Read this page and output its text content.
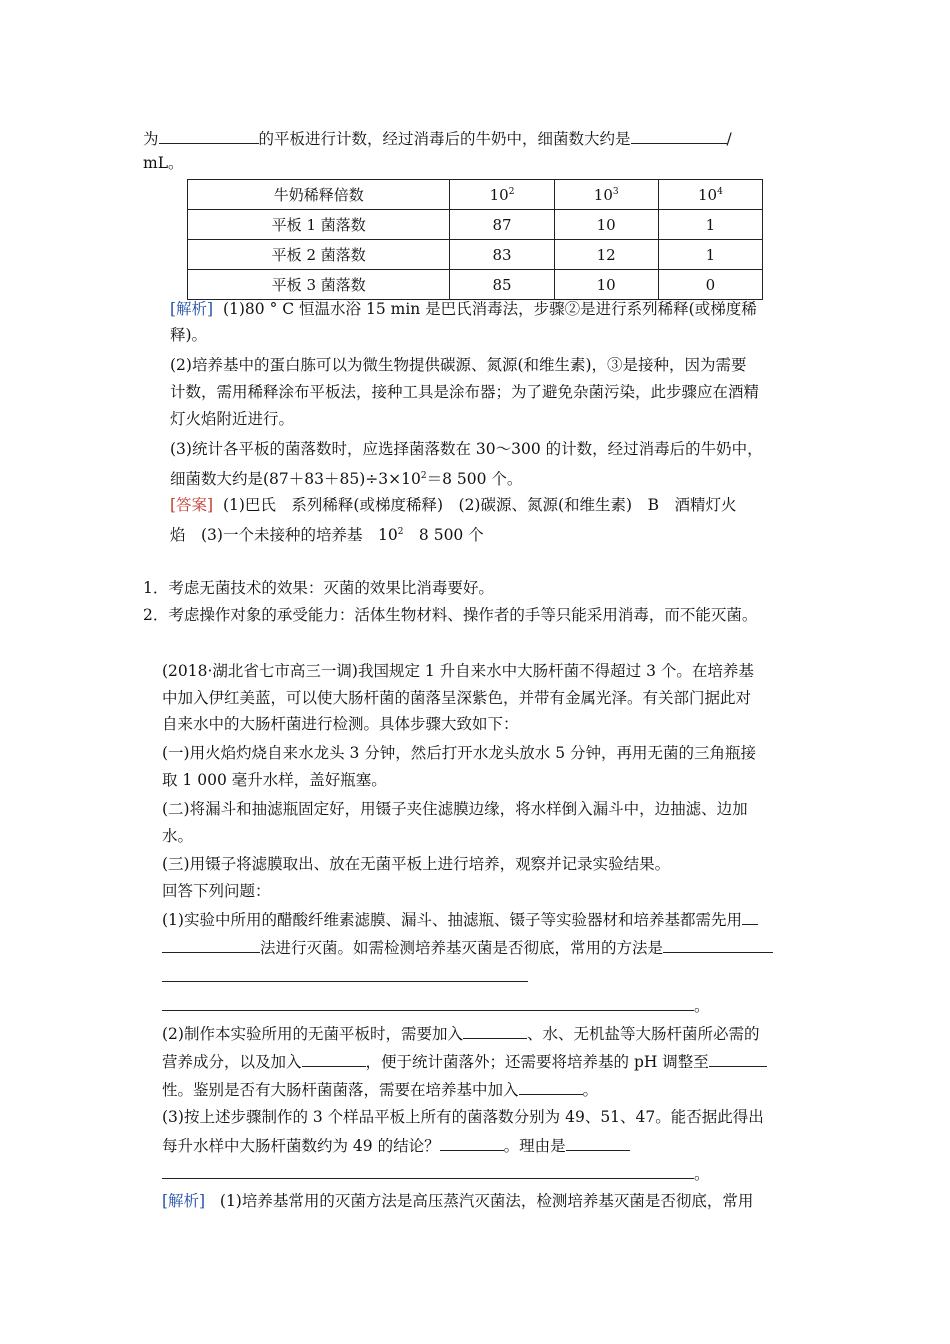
为	的平板进行计数，经过消毒后的牛奶中，细菌数大约是	/
mL。
牛奶稀释倍数	$10^2$	$10^3$	$10^4$
平板 1 菌落数	87	10	1
平板 2 菌落数	83	12	1
平板 3 菌落数	85	10	0
[解析] (1)80 ° C 恒温水浴 15 min 是巴氏消毒法，步骤②是进行系列稀释(或梯度稀
释)。
(2)培养基中的蛋白胨可以为微生物提供碳源、氮源(和维生素)，③是接种，因为需要
计数，需用稀释涂布平板法，接种工具是涂布器；为了避免杂菌污染，此步骤应在酒精
灯火焰附近进行。
(3)统计各平板的菌落数时，应选择菌落数在 30～300 的计数，经过消毒后的牛奶中，
细菌数大约是$(87+83+85)\div 3\times 10^2=8$ 500 个。
[答案] (1)巴氏　系列稀释(或梯度稀释)　(2)碳源、氮源(和维生素)　B　酒精灯火
焰　(3)一个未接种的培养基　$10^2$　8 500 个
1．考虑无菌技术的效果：灭菌的效果比消毒要好。
2．考虑操作对象的承受能力：活体生物材料、操作者的手等只能采用消毒，而不能灭菌。
(2018·湖北省七市高三一调)我国规定 1 升自来水中大肠杆菌不得超过 3 个。在培养基
中加入伊红美蓝，可以使大肠杆菌的菌落呈深紫色，并带有金属光泽。有关部门据此对
自来水中的大肠杆菌进行检测。具体步骤大致如下：
(一)用火焰灼烧自来水龙头 3 分钟，然后打开水龙头放水 5 分钟，再用无菌的三角瓶接
取 1 000 毫升水样，盖好瓶塞。
(二)将漏斗和抽滤瓶固定好，用镊子夹住滤膜边缘，将水样倒入漏斗中，边抽滤、边加
水。
(三)用镊子将滤膜取出、放在无菌平板上进行培养，观察并记录实验结果。
回答下列问题：
(1)实验中所用的醋酸纤维素滤膜、漏斗、抽滤瓶、镊子等实验器材和培养基都需先用
法进行灭菌。如需检测培养基灭菌是否彻底，常用的方法是
。
(2)制作本实验所用的无菌平板时，需要加入	、水、无机盐等大肠杆菌所必需的
营养成分，以及加入	，便于统计菌落外；还需要将培养基的 pH 调整至
性。鉴别是否有大肠杆菌菌落，需要在培养基中加入	。
(3)按上述步骤制作的 3 个样品平板上所有的菌落数分别为 49、51、47。能否据此得出
每升水样中大肠杆菌数约为 49 的结论？	。理由是
。
[解析] (1)培养基常用的灭菌方法是高压蒸汽灭菌法，检测培养基灭菌是否彻底，常用
